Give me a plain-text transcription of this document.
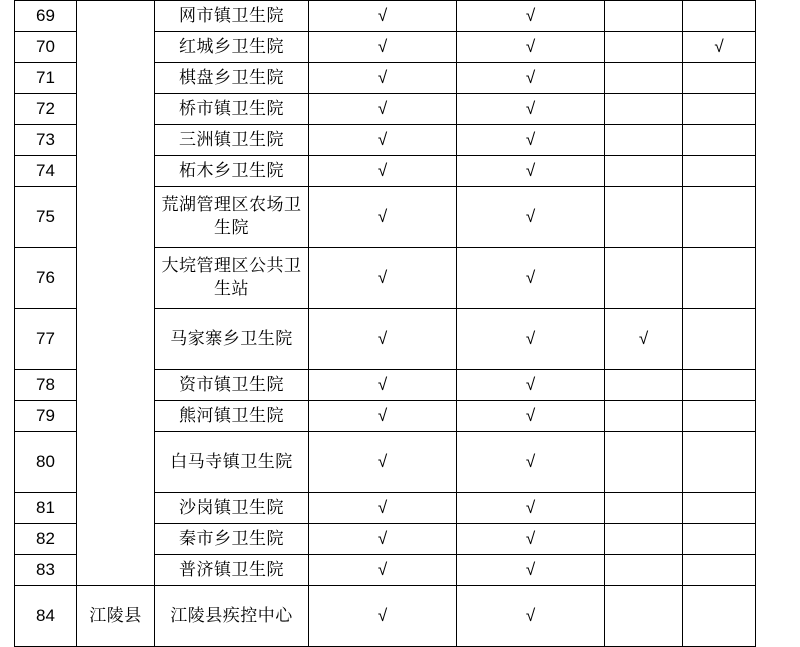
69		网市镇卫生院	√	√		
70		红城乡卫生院	√	√		√
71		棋盘乡卫生院	√	√		
72		桥市镇卫生院	√	√		
73		三洲镇卫生院	√	√		
74		柘木乡卫生院	√	√		
75		荒湖管理区农场卫生院	√	√		
76		大垸管理区公共卫生站	√	√		
77		马家寨乡卫生院	√	√	√	
78		资市镇卫生院	√	√		
79		熊河镇卫生院	√	√		
80		白马寺镇卫生院	√	√		
81		沙岗镇卫生院	√	√		
82		秦市乡卫生院	√	√		
83		普济镇卫生院	√	√		
84	江陵县	江陵县疾控中心	√	√		
